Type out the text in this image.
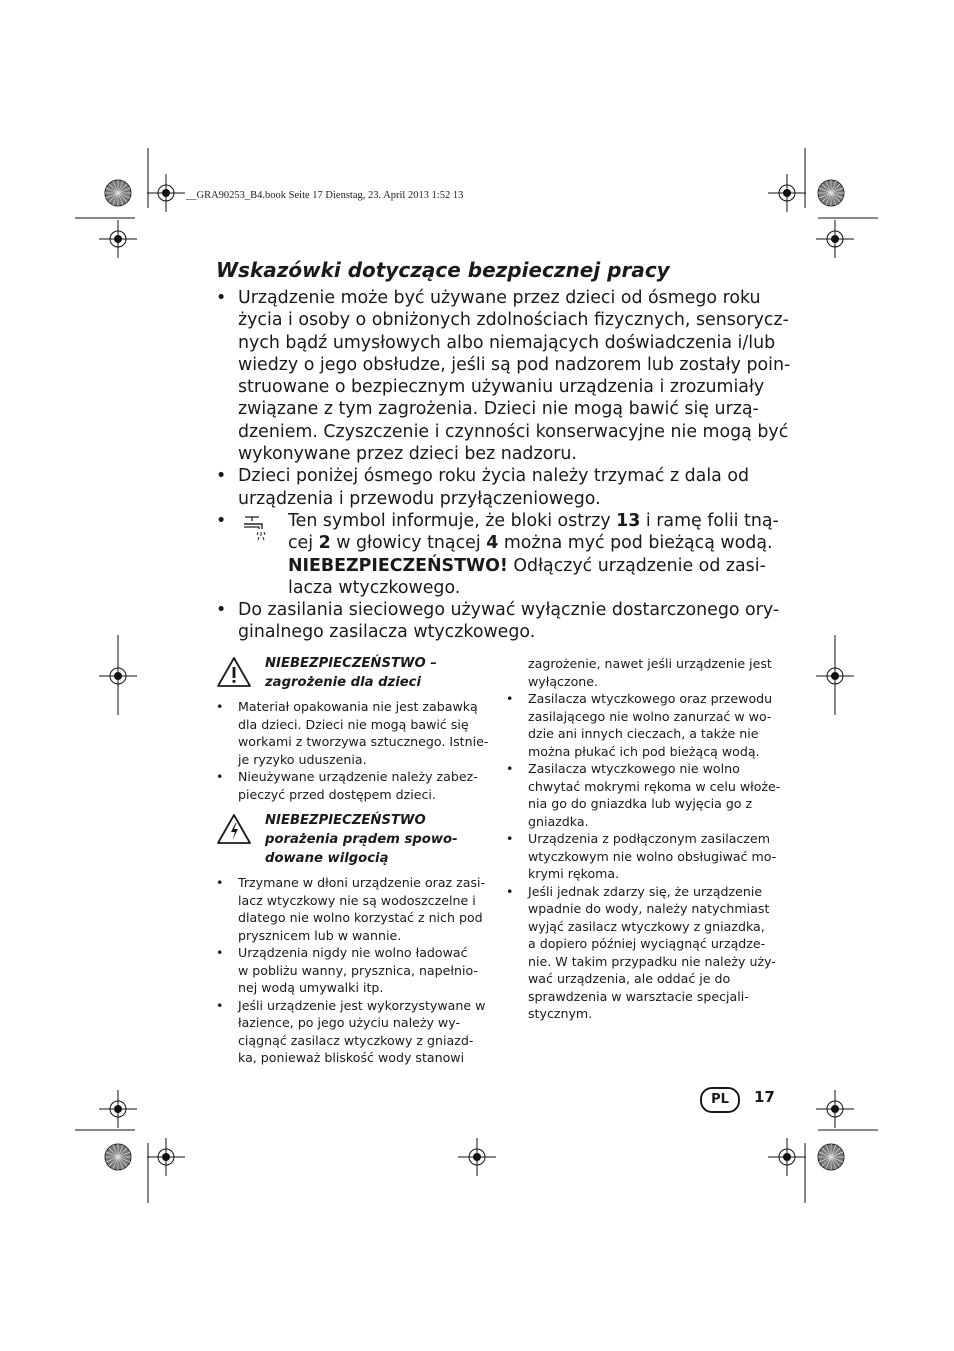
__GRA90253_B4.book Seite 17 Dienstag, 23. April 2013 1:52 13
Wskazówki dotyczące bezpiecznej pracy
• Urządzenie może być używane przez dzieci od ósmego roku
życia i osoby o obniżonych zdolnościach fizycznych, sensorycz-
nych bądź umysłowych albo niemających doświadczenia i/lub
wiedzy o jego obsłudze, jeśli są pod nadzorem lub zostały poin-
struowane o bezpiecznym używaniu urządzenia i zrozumiały
związane z tym zagrożenia. Dzieci nie mogą bawić się urzą-
dzeniem. Czyszczenie i czynności konserwacyjne nie mogą być
wykonywane przez dzieci bez nadzoru.
• Dzieci poniżej ósmego roku życia należy trzymać z dala od
urządzenia i przewodu przyłączeniowego.
•	Ten symbol informuje, że bloki ostrzy 13 i ramę folii tną-
cej 2 w głowicy tnącej 4 można myć pod bieżącą wodą.
NIEBEZPIECZEŃSTWO! Odłączyć urządzenie od zasi-
lacza wtyczkowego.
• Do zasilania sieciowego używać wyłącznie dostarczonego ory-
ginalnego zasilacza wtyczkowego.
NIEBEZPIECZEŃSTWO –
zagrożenie dla dzieci
• Materiał opakowania nie jest zabawką
dla dzieci. Dzieci nie mogą bawić się
workami z tworzywa sztucznego. Istnie-
je ryzyko uduszenia.
• Nieużywane urządzenie należy zabez-
pieczyć przed dostępem dzieci.
NIEBEZPIECZEŃSTWO
porażenia prądem spowo-
dowane wilgocią
• Trzymane w dłoni urządzenie oraz zasi-
lacz wtyczkowy nie są wodoszczelne i
dlatego nie wolno korzystać z nich pod
prysznicem lub w wannie.
• Urządzenia nigdy nie wolno ładować
w pobliżu wanny, prysznica, napełnio-
nej wodą umywalki itp.
• Jeśli urządzenie jest wykorzystywane w
łazience, po jego użyciu należy wy-
ciągnąć zasilacz wtyczkowy z gniazd-
ka, ponieważ bliskość wody stanowi
zagrożenie, nawet jeśli urządzenie jest
wyłączone.
• Zasilacza wtyczkowego oraz przewodu
zasilającego nie wolno zanurzać w wo-
dzie ani innych cieczach, a także nie
można płukać ich pod bieżącą wodą.
• Zasilacza wtyczkowego nie wolno
chwytać mokrymi rękoma w celu włoże-
nia go do gniazdka lub wyjęcia go z
gniazdka.
• Urządzenia z podłączonym zasilaczem
wtyczkowym nie wolno obsługiwać mo-
krymi rękoma.
• Jeśli jednak zdarzy się, że urządzenie
wpadnie do wody, należy natychmiast
wyjąć zasilacz wtyczkowy z gniazdka,
a dopiero później wyciągnąć urządze-
nie. W takim przypadku nie należy uży-
wać urządzenia, ale oddać je do
sprawdzenia w warsztacie specjali-
stycznym.
PL	17
